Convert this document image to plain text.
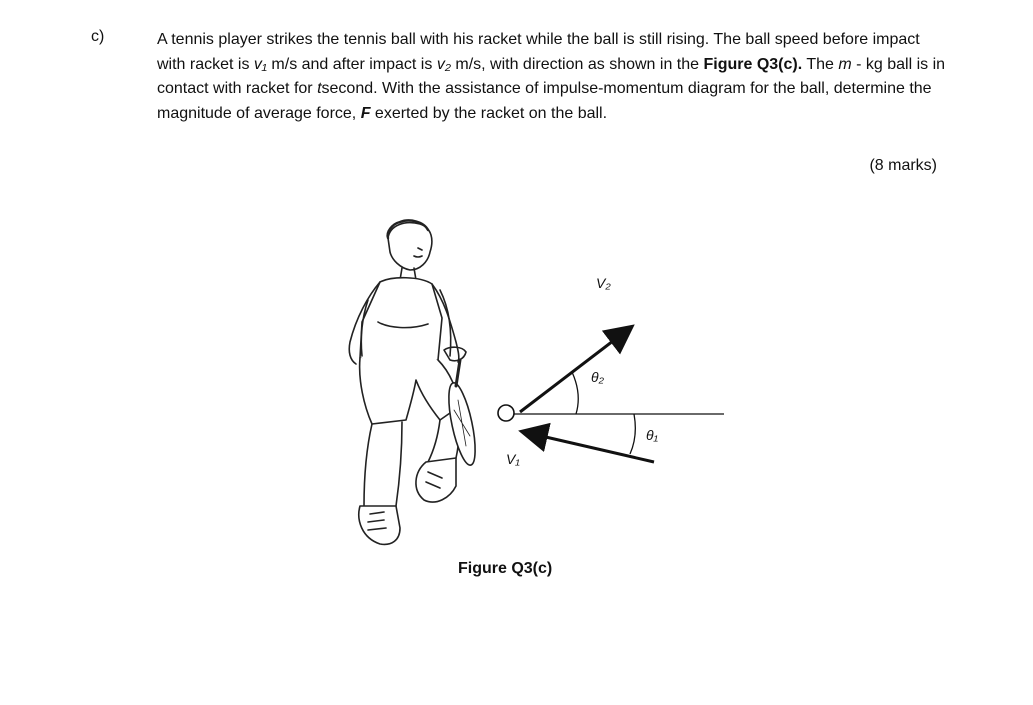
c)	A tennis player strikes the tennis ball with his racket while the ball is still rising. The ball speed before impact with racket is v₁ m/s and after impact is v₂ m/s, with direction as shown in the Figure Q3(c). The m - kg ball is in contact with racket for tsecond. With the assistance of impulse-momentum diagram for the ball, determine the magnitude of average force, F exerted by the racket on the ball.
(8 marks)
V₂
θ₂
θ₁
V₁
Figure Q3(c)
